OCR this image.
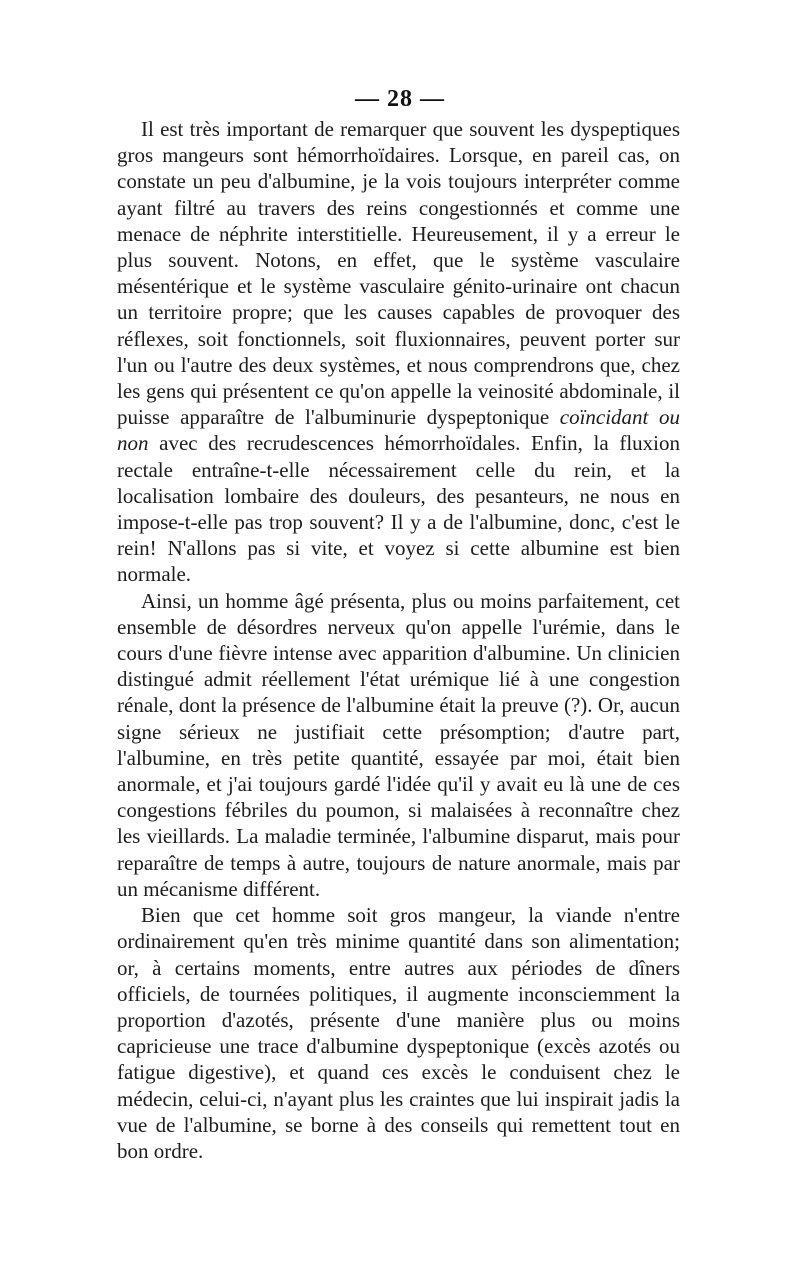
— 28 —

Il est très important de remarquer que souvent les dyspeptiques gros mangeurs sont hémorrhoïdaires. Lorsque, en pareil cas, on constate un peu d'albumine, je la vois toujours interpréter comme ayant filtré au travers des reins congestionnés et comme une menace de néphrite interstitielle. Heureusement, il y a erreur le plus souvent. Notons, en effet, que le système vasculaire mésentérique et le système vasculaire génito-urinaire ont chacun un territoire propre; que les causes capables de provoquer des réflexes, soit fonctionnels, soit fluxionnaires, peuvent porter sur l'un ou l'autre des deux systèmes, et nous comprendrons que, chez les gens qui présentent ce qu'on appelle la veinosité abdominale, il puisse apparaître de l'albuminurie dyspeptonique coïncidant ou non avec des recrudescences hémorrhoïdales. Enfin, la fluxion rectale entraîne-t-elle nécessairement celle du rein, et la localisation lombaire des douleurs, des pesanteurs, ne nous en impose-t-elle pas trop souvent? Il y a de l'albumine, donc, c'est le rein! N'allons pas si vite, et voyez si cette albumine est bien normale.

Ainsi, un homme âgé présenta, plus ou moins parfaitement, cet ensemble de désordres nerveux qu'on appelle l'urémie, dans le cours d'une fièvre intense avec apparition d'albumine. Un clinicien distingué admit réellement l'état urémique lié à une congestion rénale, dont la présence de l'albumine était la preuve (?). Or, aucun signe sérieux ne justifiait cette présomption; d'autre part, l'albumine, en très petite quantité, essayée par moi, était bien anormale, et j'ai toujours gardé l'idée qu'il y avait eu là une de ces congestions fébriles du poumon, si malaisées à reconnaître chez les vieillards. La maladie terminée, l'albumine disparut, mais pour reparaître de temps à autre, toujours de nature anormale, mais par un mécanisme différent.

Bien que cet homme soit gros mangeur, la viande n'entre ordinairement qu'en très minime quantité dans son alimentation; or, à certains moments, entre autres aux périodes de dîners officiels, de tournées politiques, il augmente inconsciemment la proportion d'azotés, présente d'une manière plus ou moins capricieuse une trace d'albumine dyspeptonique (excès azotés ou fatigue digestive), et quand ces excès le conduisent chez le médecin, celui-ci, n'ayant plus les craintes que lui inspirait jadis la vue de l'albumine, se borne à des conseils qui remettent tout en bon ordre.
